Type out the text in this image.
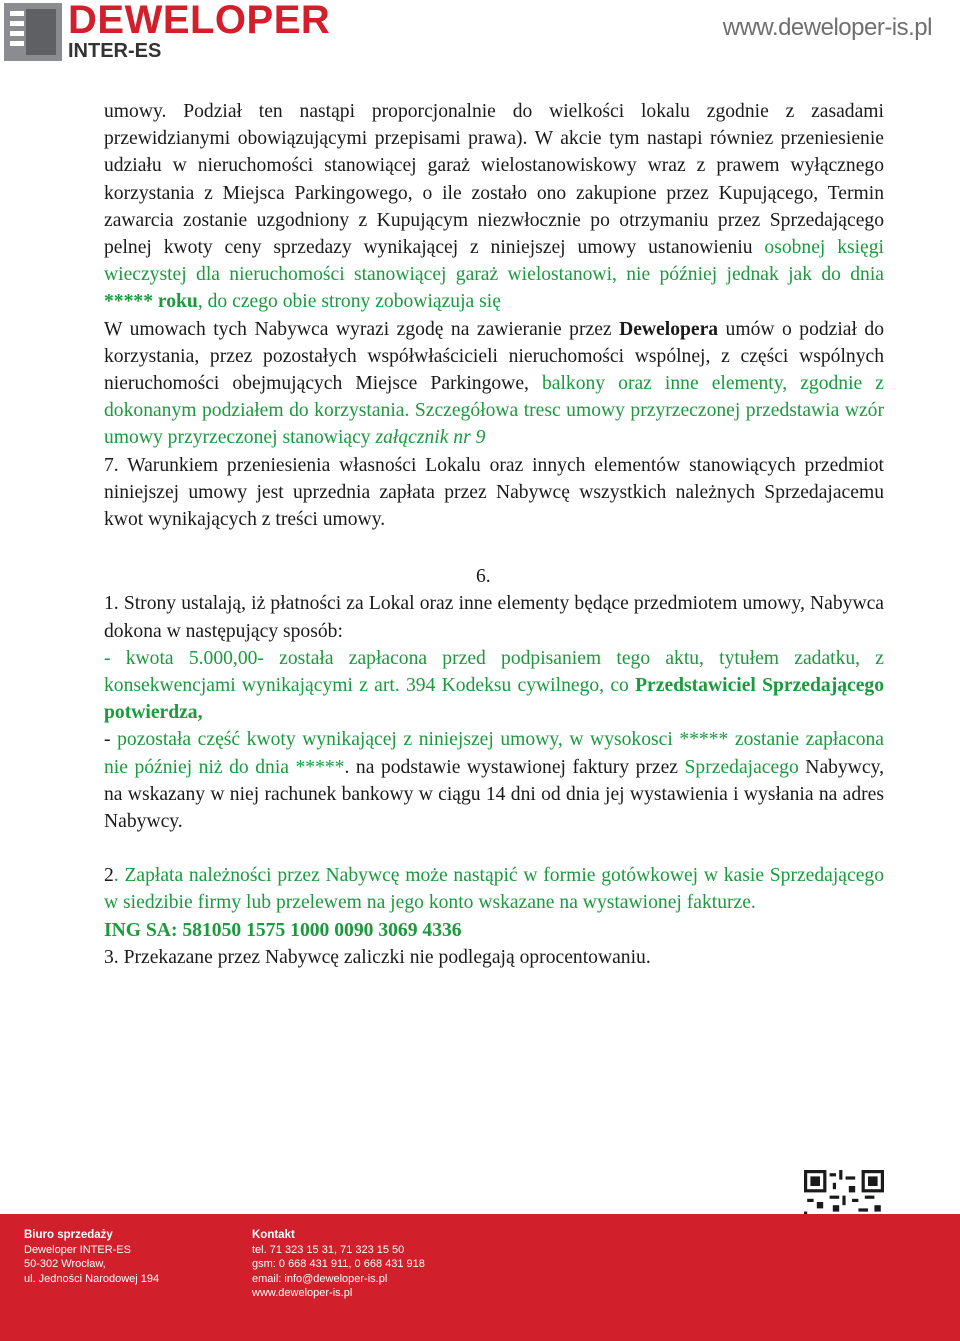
DEWELOPER
INTER-ES
www.deweloper-is.pl

umowy. Podział ten nastąpi proporcjonalnie do wielkości lokalu zgodnie z zasadami przewidzianymi obowiązującymi przepisami prawa). W akcie tym nastapi równiez przeniesienie udziału w nieruchomości stanowiącej garaż wielostanowiskowy wraz z prawem wyłącznego korzystania z Miejsca Parkingowego, o ile zostało ono zakupione przez Kupującego, Termin zawarcia zostanie uzgodniony z Kupującym niezwłocznie po otrzymaniu przez Sprzedającego pelnej kwoty ceny sprzedazy wynikającej z niniejszej umowy ustanowieniu osobnej księgi wieczystej dla nieruchomości stanowiącej garaż wielostanowi, nie później jednak jak do dnia ***** roku, do czego obie strony zobowiązuja się

W umowach tych Nabywca wyrazi zgodę na zawieranie przez Dewelopera umów o podział do korzystania, przez pozostałych współwłaścicieli nieruchomości wspólnej, z części wspólnych nieruchomości obejmujących Miejsce Parkingowe, balkony oraz inne elementy, zgodnie z dokonanym podziałem do korzystania. Szczegółowa tresc umowy przyrzeczonej przedstawia wzór umowy przyrzeczonej stanowiący załącznik nr 9

7. Warunkiem przeniesienia własności Lokalu oraz innych elementów stanowiących przedmiot niniejszej umowy jest uprzednia zapłata przez Nabywcę wszystkich należnych Sprzedajacemu kwot wynikających z treści umowy.

6.

1. Strony ustalają, iż płatności za Lokal oraz inne elementy będące przedmiotem umowy, Nabywca dokona w następujący sposób:

- kwota 5.000,00- została zapłacona przed podpisaniem tego aktu, tytułem zadatku, z konsekwencjami wynikającymi z art. 394 Kodeksu cywilnego, co Przedstawiciel Sprzedającego potwierdza,

- pozostała część kwoty wynikającej z niniejszej umowy, w wysokosci ***** zostanie zapłacona nie później niż do dnia *****. na podstawie wystawionej faktury przez Sprzedajacego Nabywcy, na wskazany w niej rachunek bankowy w ciągu 14 dni od dnia jej wystawienia i wysłania na adres Nabywcy.

2. Zapłata należności przez Nabywcę może nastąpić w formie gotówkowej w kasie Sprzedającego w siedzibie firmy lub przelewem na jego konto wskazane na wystawionej fakturze.

ING SA: 581050 1575 1000 0090 3069 4336

3. Przekazane przez Nabywcę zaliczki nie podlegają oprocentowaniu.

Biuro sprzedaży
Deweloper INTER-ES
50-302 Wrocław,
ul. Jedności Narodowej 194
Kontakt
tel. 71 323 15 31, 71 323 15 50
gsm: 0 668 431 911, 0 668 431 918
email: info@deweloper-is.pl
www.deweloper-is.pl
